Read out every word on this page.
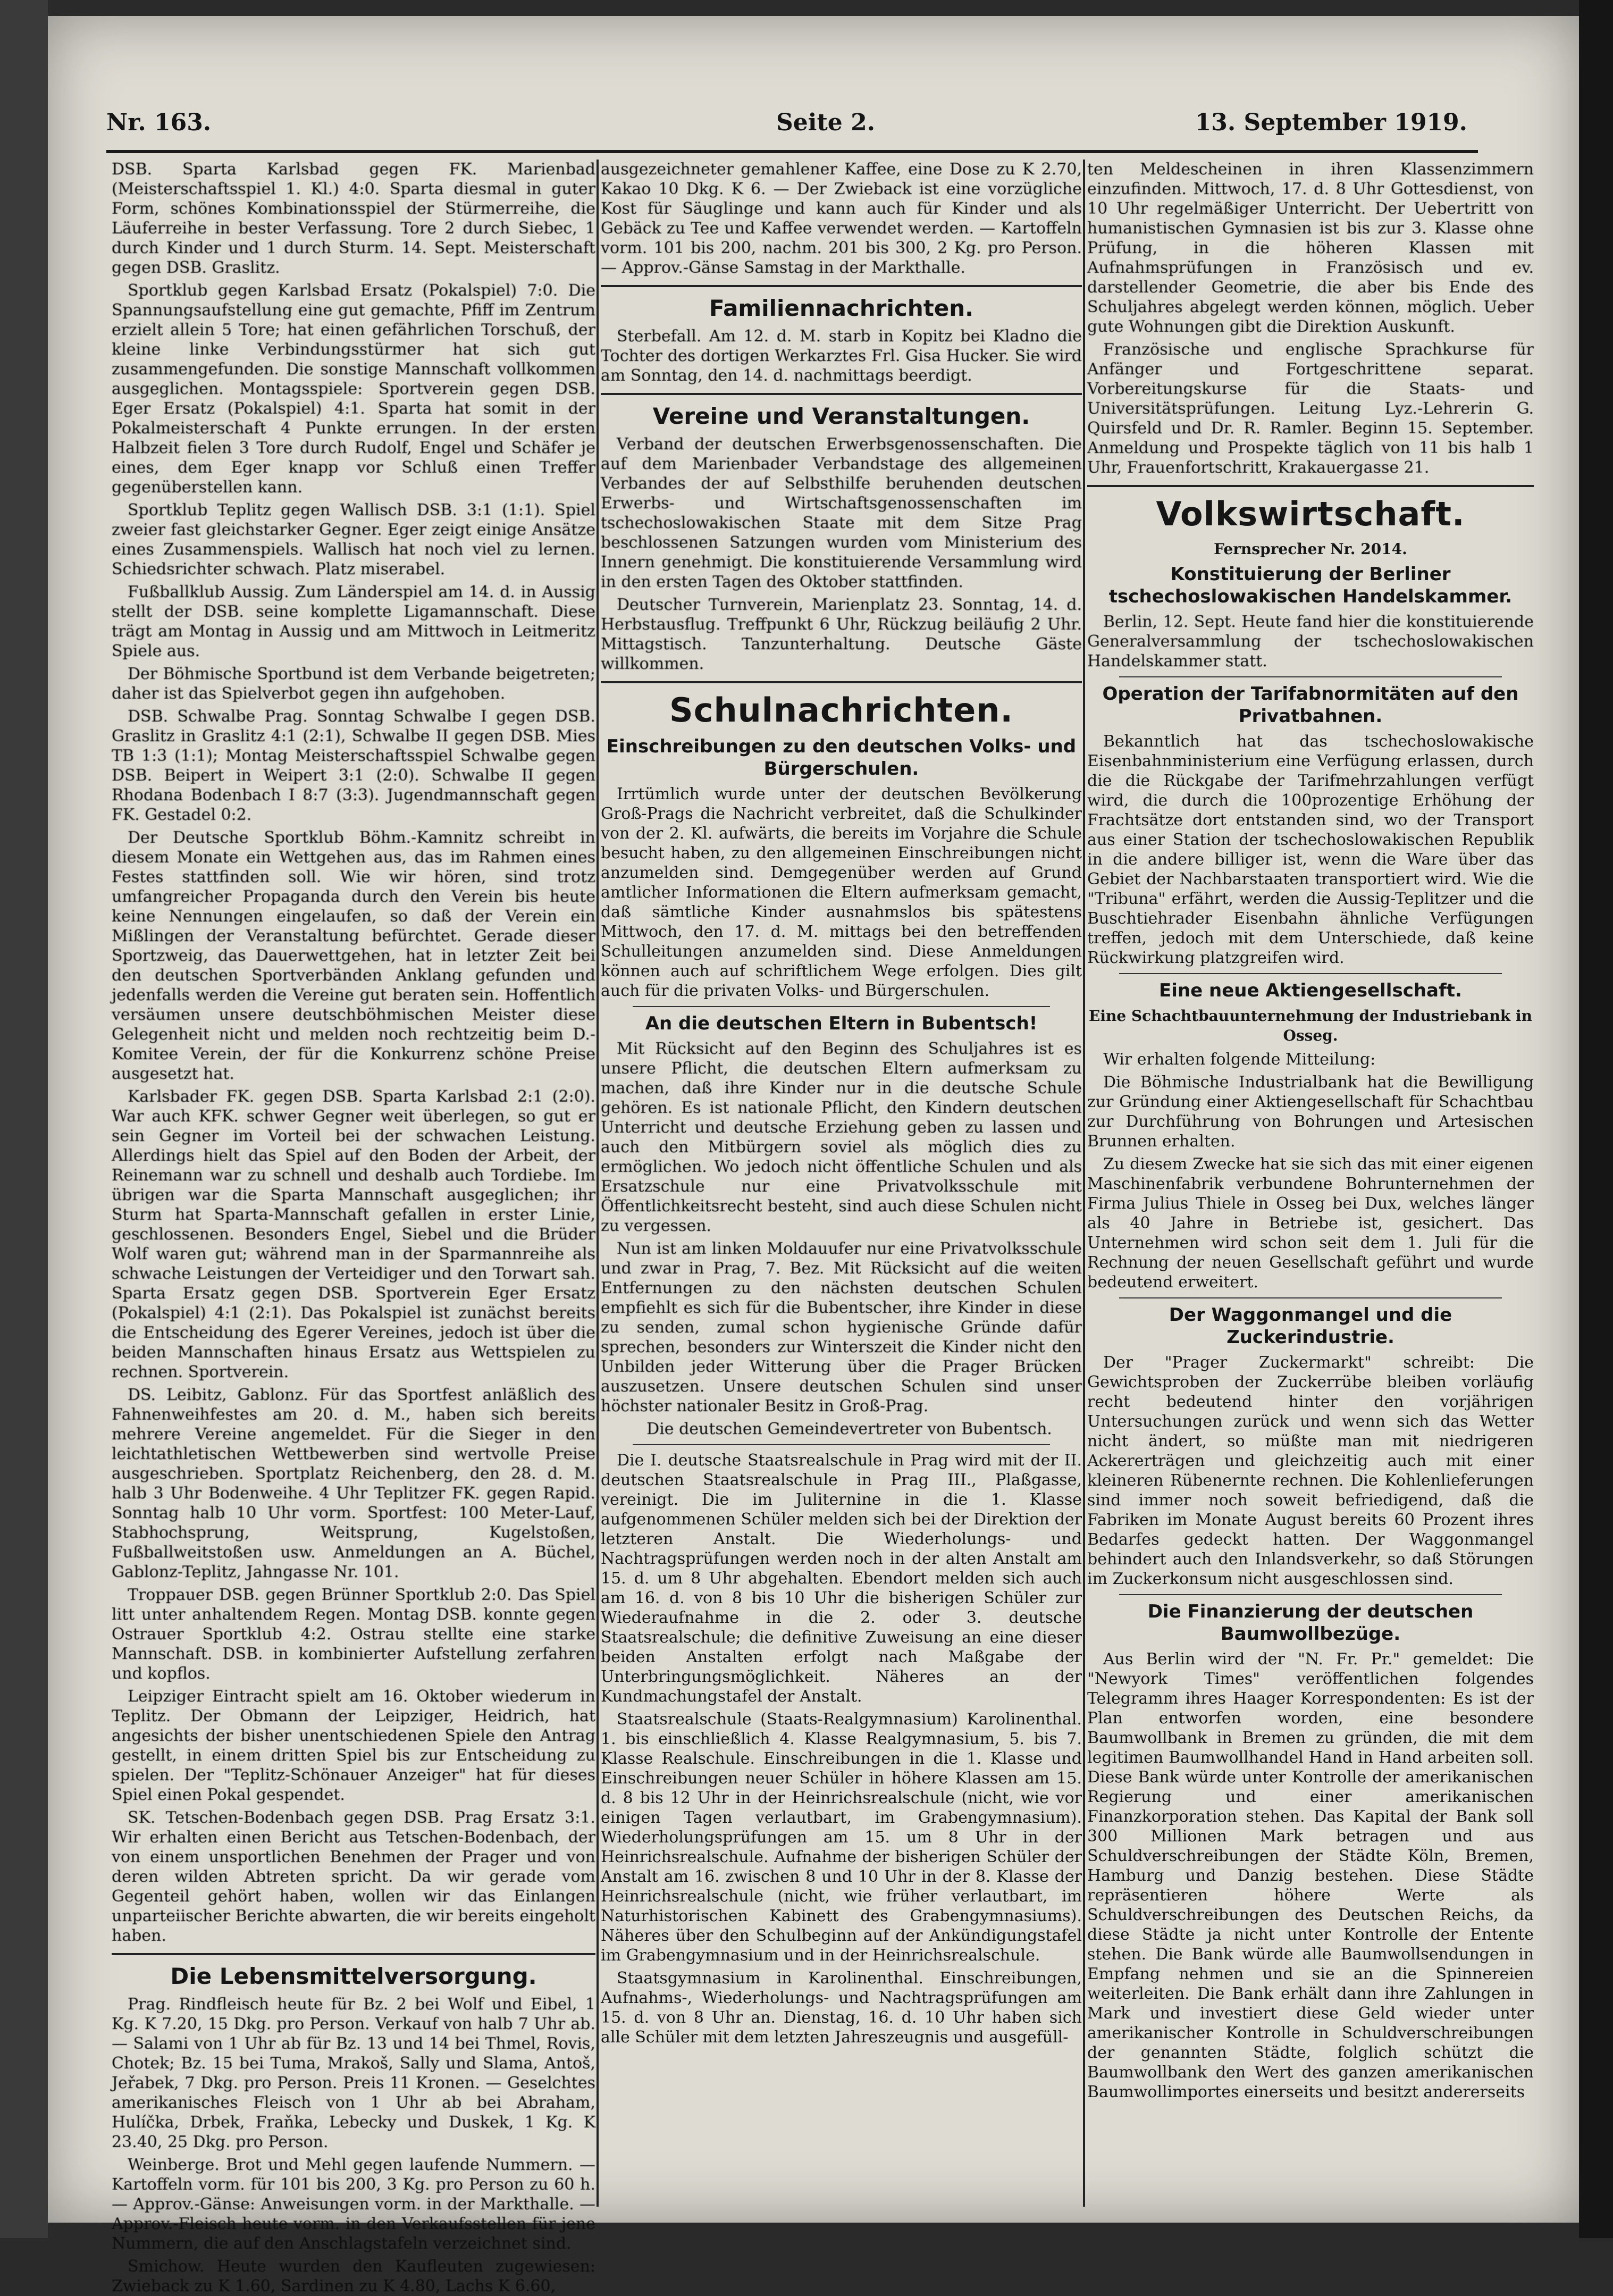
Nr. 163.	Seite 2.	13. September 1919.

DSB. Sparta Karlsbad gegen FK. Marienbad (Meisterschaftsspiel 1. Kl.) 4:0. Sparta diesmal in guter Form, schönes Kombinationsspiel der Stürmerreihe, die Läuferreihe in bester Verfassung. Tore 2 durch Siebec, 1 durch Kinder und 1 durch Sturm. 14. Sept. Meisterschaft gegen DSB. Graslitz.

Sportklub gegen Karlsbad Ersatz (Pokalspiel) 7:0. Die Spannungsaufstellung eine gut gemachte, Pfiff im Zentrum erzielt allein 5 Tore; hat einen gefährlichen Torschuß, der kleine linke Verbindungsstürmer hat sich gut zusammengefunden. Die sonstige Mannschaft vollkommen ausgeglichen. Montagsspiele: Sportverein gegen DSB. Eger Ersatz (Pokalspiel) 4:1. Sparta hat somit in der Pokalmeisterschaft 4 Punkte errungen. In der ersten Halbzeit fielen 3 Tore durch Rudolf, Engel und Schäfer je eines, dem Eger knapp vor Schluß einen Treffer gegenüberstellen kann.

Sportklub Teplitz gegen Wallisch DSB. 3:1 (1:1). Spiel zweier fast gleichstarker Gegner. Eger zeigt einige Ansätze eines Zusammenspiels. Wallisch hat noch viel zu lernen. Schiedsrichter schwach. Platz miserabel.

Fußballklub Aussig. Zum Länderspiel am 14. d. in Aussig stellt der DSB. seine komplette Ligamannschaft. Diese trägt am Montag in Aussig und am Mittwoch in Leitmeritz Spiele aus.

Der Böhmische Sportbund ist dem Verbande beigetreten; daher ist das Spielverbot gegen ihn aufgehoben.

DSB. Schwalbe Prag. Sonntag Schwalbe I gegen DSB. Graslitz in Graslitz 4:1 (2:1), Schwalbe II gegen DSB. Mies TB 1:3 (1:1); Montag Meisterschaftsspiel Schwalbe gegen DSB. Beipert in Weipert 3:1 (2:0). Schwalbe II gegen Rhodana Bodenbach I 8:7 (3:3). Jugendmannschaft gegen FK. Gestadel 0:2.

Der Deutsche Sportklub Böhm.-Kamnitz schreibt in diesem Monate ein Wettgehen aus, das im Rahmen eines Festes stattfinden soll. Wie wir hören, sind trotz umfangreicher Propaganda durch den Verein bis heute keine Nennungen eingelaufen, so daß der Verein ein Mißlingen der Veranstaltung befürchtet. Gerade dieser Sportzweig, das Dauerwettgehen, hat in letzter Zeit bei den deutschen Sportverbänden Anklang gefunden und jedenfalls werden die Vereine gut beraten sein. Hoffentlich versäumen unsere deutschböhmischen Meister diese Gelegenheit nicht und melden noch rechtzeitig beim D.-Komitee Verein, der für die Konkurrenz schöne Preise ausgesetzt hat.

Karlsbader FK. gegen DSB. Sparta Karlsbad 2:1 (2:0). War auch KFK. schwer Gegner weit überlegen, so gut er sein Gegner im Vorteil bei der schwachen Leistung. Allerdings hielt das Spiel auf den Boden der Arbeit, der Reinemann war zu schnell und deshalb auch Tordiebe. Im übrigen war die Sparta Mannschaft ausgeglichen; ihr Sturm hat Sparta-Mannschaft gefallen in erster Linie, geschlossenen. Besonders Engel, Siebel und die Brüder Wolf waren gut; während man in der Sparmannreihe als schwache Leistungen der Verteidiger und den Torwart sah. Sparta Ersatz gegen DSB. Sportverein Eger Ersatz (Pokalspiel) 4:1 (2:1). Das Pokalspiel ist zunächst bereits die Entscheidung des Egerer Vereines, jedoch ist über die beiden Mannschaften hinaus Ersatz aus Wettspielen zu rechnen. Sportverein.

DS. Leibitz, Gablonz. Für das Sportfest anläßlich des Fahnenweihfestes am 20. d. M., haben sich bereits mehrere Vereine angemeldet. Für die Sieger in den leichtathletischen Wettbewerben sind wertvolle Preise ausgeschrieben. Sportplatz Reichenberg, den 28. d. M. halb 3 Uhr Bodenweihe. 4 Uhr Teplitzer FK. gegen Rapid. Sonntag halb 10 Uhr vorm. Sportfest: 100 Meter-Lauf, Stabhochsprung, Weitsprung, Kugelstoßen, Fußballweitstoßen usw. Anmeldungen an A. Büchel, Gablonz-Teplitz, Jahngasse Nr. 101.

Troppauer DSB. gegen Brünner Sportklub 2:0. Das Spiel litt unter anhaltendem Regen. Montag DSB. konnte gegen Ostrauer Sportklub 4:2. Ostrau stellte eine starke Mannschaft. DSB. in kombinierter Aufstellung zerfahren und kopflos.

Leipziger Eintracht spielt am 16. Oktober wiederum in Teplitz. Der Obmann der Leipziger, Heidrich, hat angesichts der bisher unentschiedenen Spiele den Antrag gestellt, in einem dritten Spiel bis zur Entscheidung zu spielen. Der "Teplitz-Schönauer Anzeiger" hat für dieses Spiel einen Pokal gespendet.

SK. Tetschen-Bodenbach gegen DSB. Prag Ersatz 3:1. Wir erhalten einen Bericht aus Tetschen-Bodenbach, der von einem unsportlichen Benehmen der Prager und von deren wilden Abtreten spricht. Da wir gerade vom Gegenteil gehört haben, wollen wir das Einlangen unparteiischer Berichte abwarten, die wir bereits eingeholt haben.

Die Lebensmittelversorgung.

Prag. Rindfleisch heute für Bz. 2 bei Wolf und Eibel, 1 Kg. K 7.20, 15 Dkg. pro Person. Verkauf von halb 7 Uhr ab. — Salami von 1 Uhr ab für Bz. 13 und 14 bei Thmel, Rovis, Chotek; Bz. 15 bei Tuma, Mrakoš, Sally und Slama, Antoš, Jeřabek, 7 Dkg. pro Person. Preis 11 Kronen. — Geselchtes amerikanisches Fleisch von 1 Uhr ab bei Abraham, Hulíčka, Drbek, Fraňka, Lebecky und Duskek, 1 Kg. K 23.40, 25 Dkg. pro Person.

Weinberge. Brot und Mehl gegen laufende Nummern. — Kartoffeln vorm. für 101 bis 200, 3 Kg. pro Person zu 60 h. — Approv.-Gänse: Anweisungen vorm. in der Markthalle. — Approv.-Fleisch heute vorm. in den Verkaufsstellen für jene Nummern, die auf den Anschlagstafeln verzeichnet sind.

Smichow. Heute wurden den Kaufleuten zugewiesen: Zwieback zu K 1.60, Sardinen zu K 4.80, Lachs K 6.60,

ausgezeichneter gemahlener Kaffee, eine Dose zu K 2.70, Kakao 10 Dkg. K 6. — Der Zwieback ist eine vorzügliche Kost für Säuglinge und kann auch für Kinder und als Gebäck zu Tee und Kaffee verwendet werden. — Kartoffeln vorm. 101 bis 200, nachm. 201 bis 300, 2 Kg. pro Person. — Approv.-Gänse Samstag in der Markthalle.

Familiennachrichten.

Sterbefall. Am 12. d. M. starb in Kopitz bei Kladno die Tochter des dortigen Werkarztes Frl. Gisa Hucker. Sie wird am Sonntag, den 14. d. nachmittags beerdigt.

Vereine und Veranstaltungen.

Verband der deutschen Erwerbsgenossenschaften. Die auf dem Marienbader Verbandstage des allgemeinen Verbandes der auf Selbsthilfe beruhenden deutschen Erwerbs- und Wirtschaftsgenossenschaften im tschechoslowakischen Staate mit dem Sitze Prag beschlossenen Satzungen wurden vom Ministerium des Innern genehmigt. Die konstituierende Versammlung wird in den ersten Tagen des Oktober stattfinden.

Deutscher Turnverein, Marienplatz 23. Sonntag, 14. d. Herbstausflug. Treffpunkt 6 Uhr, Rückzug beiläufig 2 Uhr. Mittagstisch. Tanzunterhaltung. Deutsche Gäste willkommen.

Schulnachrichten.
Einschreibungen zu den deutschen Volks- und Bürgerschulen.

Irrtümlich wurde unter der deutschen Bevölkerung Groß-Prags die Nachricht verbreitet, daß die Schulkinder von der 2. Kl. aufwärts, die bereits im Vorjahre die Schule besucht haben, zu den allgemeinen Einschreibungen nicht anzumelden sind. Demgegenüber werden auf Grund amtlicher Informationen die Eltern aufmerksam gemacht, daß sämtliche Kinder ausnahmslos bis spätestens Mittwoch, den 17. d. M. mittags bei den betreffenden Schulleitungen anzumelden sind. Diese Anmeldungen können auch auf schriftlichem Wege erfolgen. Dies gilt auch für die privaten Volks- und Bürgerschulen.

An die deutschen Eltern in Bubentsch!

Mit Rücksicht auf den Beginn des Schuljahres ist es unsere Pflicht, die deutschen Eltern aufmerksam zu machen, daß ihre Kinder nur in die deutsche Schule gehören. Es ist nationale Pflicht, den Kindern deutschen Unterricht und deutsche Erziehung geben zu lassen und auch den Mitbürgern soviel als möglich dies zu ermöglichen. Wo jedoch nicht öffentliche Schulen und als Ersatzschule nur eine Privatvolksschule mit Öffentlichkeitsrecht besteht, sind auch diese Schulen nicht zu vergessen.

Nun ist am linken Moldauufer nur eine Privatvolksschule und zwar in Prag, 7. Bez. Mit Rücksicht auf die weiten Entfernungen zu den nächsten deutschen Schulen empfiehlt es sich für die Bubentscher, ihre Kinder in diese zu senden, zumal schon hygienische Gründe dafür sprechen, besonders zur Winterszeit die Kinder nicht den Unbilden jeder Witterung über die Prager Brücken auszusetzen. Unsere deutschen Schulen sind unser höchster nationaler Besitz in Groß-Prag.

Die deutschen Gemeindevertreter von Bubentsch.

Die I. deutsche Staatsrealschule in Prag wird mit der II. deutschen Staatsrealschule in Prag III., Plaßgasse, vereinigt. Die im Juliternine in die 1. Klasse aufgenommenen Schüler melden sich bei der Direktion der letzteren Anstalt. Die Wiederholungs- und Nachtragsprüfungen werden noch in der alten Anstalt am 15. d. um 8 Uhr abgehalten. Ebendort melden sich auch am 16. d. von 8 bis 10 Uhr die bisherigen Schüler zur Wiederaufnahme in die 2. oder 3. deutsche Staatsrealschule; die definitive Zuweisung an eine dieser beiden Anstalten erfolgt nach Maßgabe der Unterbringungsmöglichkeit. Näheres an der Kundmachungstafel der Anstalt.

Staatsrealschule (Staats-Realgymnasium) Karolinenthal. 1. bis einschließlich 4. Klasse Realgymnasium, 5. bis 7. Klasse Realschule. Einschreibungen in die 1. Klasse und Einschreibungen neuer Schüler in höhere Klassen am 15. d. 8 bis 12 Uhr in der Heinrichsrealschule (nicht, wie vor einigen Tagen verlautbart, im Grabengymnasium). Wiederholungsprüfungen am 15. um 8 Uhr in der Heinrichsrealschule. Aufnahme der bisherigen Schüler der Anstalt am 16. zwischen 8 und 10 Uhr in der 8. Klasse der Heinrichsrealschule (nicht, wie früher verlautbart, im Naturhistorischen Kabinett des Grabengymnasiums). Näheres über den Schulbeginn auf der Ankündigungstafel im Grabengymnasium und in der Heinrichsrealschule.

Staatsgymnasium in Karolinenthal. Einschreibungen, Aufnahms-, Wiederholungs- und Nachtragsprüfungen am 15. d. von 8 Uhr an. Dienstag, 16. d. 10 Uhr haben sich alle Schüler mit dem letzten Jahreszeugnis und ausgefüll-

ten Meldescheinen in ihren Klassenzimmern einzufinden. Mittwoch, 17. d. 8 Uhr Gottesdienst, von 10 Uhr regelmäßiger Unterricht. Der Uebertritt von humanistischen Gymnasien ist bis zur 3. Klasse ohne Prüfung, in die höheren Klassen mit Aufnahmsprüfungen in Französisch und ev. darstellender Geometrie, die aber bis Ende des Schuljahres abgelegt werden können, möglich. Ueber gute Wohnungen gibt die Direktion Auskunft.

Französische und englische Sprachkurse für Anfänger und Fortgeschrittene separat. Vorbereitungskurse für die Staats- und Universitätsprüfungen. Leitung Lyz.-Lehrerin G. Quirsfeld und Dr. R. Ramler. Beginn 15. September. Anmeldung und Prospekte täglich von 11 bis halb 1 Uhr, Frauenfortschritt, Krakauergasse 21.

Volkswirtschaft.
Fernsprecher Nr. 2014.
Konstituierung der Berliner tschechoslowakischen Handelskammer.

Berlin, 12. Sept. Heute fand hier die konstituierende Generalversammlung der tschechoslowakischen Handelskammer statt.

Operation der Tarifabnormitäten auf den Privatbahnen.

Bekanntlich hat das tschechoslowakische Eisenbahnministerium eine Verfügung erlassen, durch die die Rückgabe der Tarifmehrzahlungen verfügt wird, die durch die 100prozentige Erhöhung der Frachtsätze dort entstanden sind, wo der Transport aus einer Station der tschechoslowakischen Republik in die andere billiger ist, wenn die Ware über das Gebiet der Nachbarstaaten transportiert wird. Wie die "Tribuna" erfährt, werden die Aussig-Teplitzer und die Buschtiehrader Eisenbahn ähnliche Verfügungen treffen, jedoch mit dem Unterschiede, daß keine Rückwirkung platzgreifen wird.

Eine neue Aktiengesellschaft.
Eine Schachtbauunternehmung der Industriebank in Osseg.

Wir erhalten folgende Mitteilung:

Die Böhmische Industrialbank hat die Bewilligung zur Gründung einer Aktiengesellschaft für Schachtbau zur Durchführung von Bohrungen und Artesischen Brunnen erhalten.

Zu diesem Zwecke hat sie sich das mit einer eigenen Maschinenfabrik verbundene Bohrunternehmen der Firma Julius Thiele in Osseg bei Dux, welches länger als 40 Jahre in Betriebe ist, gesichert. Das Unternehmen wird schon seit dem 1. Juli für die Rechnung der neuen Gesellschaft geführt und wurde bedeutend erweitert.

Der Waggonmangel und die Zuckerindustrie.

Der "Prager Zuckermarkt" schreibt: Die Gewichtsproben der Zuckerrübe bleiben vorläufig recht bedeutend hinter den vorjährigen Untersuchungen zurück und wenn sich das Wetter nicht ändert, so müßte man mit niedrigeren Ackererträgen und gleichzeitig auch mit einer kleineren Rübenernte rechnen. Die Kohlenlieferungen sind immer noch soweit befriedigend, daß die Fabriken im Monate August bereits 60 Prozent ihres Bedarfes gedeckt hatten. Der Waggonmangel behindert auch den Inlandsverkehr, so daß Störungen im Zuckerkonsum nicht ausgeschlossen sind.

Die Finanzierung der deutschen Baumwollbezüge.

Aus Berlin wird der "N. Fr. Pr." gemeldet: Die "Newyork Times" veröffentlichen folgendes Telegramm ihres Haager Korrespondenten: Es ist der Plan entworfen worden, eine besondere Baumwollbank in Bremen zu gründen, die mit dem legitimen Baumwollhandel Hand in Hand arbeiten soll. Diese Bank würde unter Kontrolle der amerikanischen Regierung und einer amerikanischen Finanzkorporation stehen. Das Kapital der Bank soll 300 Millionen Mark betragen und aus Schuldverschreibungen der Städte Köln, Bremen, Hamburg und Danzig bestehen. Diese Städte repräsentieren höhere Werte als Schuldverschreibungen des Deutschen Reichs, da diese Städte ja nicht unter Kontrolle der Entente stehen. Die Bank würde alle Baumwollsendungen in Empfang nehmen und sie an die Spinnereien weiterleiten. Die Bank erhält dann ihre Zahlungen in Mark und investiert diese Geld wieder unter amerikanischer Kontrolle in Schuldverschreibungen der genannten Städte, folglich schützt die Baumwollbank den Wert des ganzen amerikanischen Baumwollimportes einerseits und besitzt andererseits
